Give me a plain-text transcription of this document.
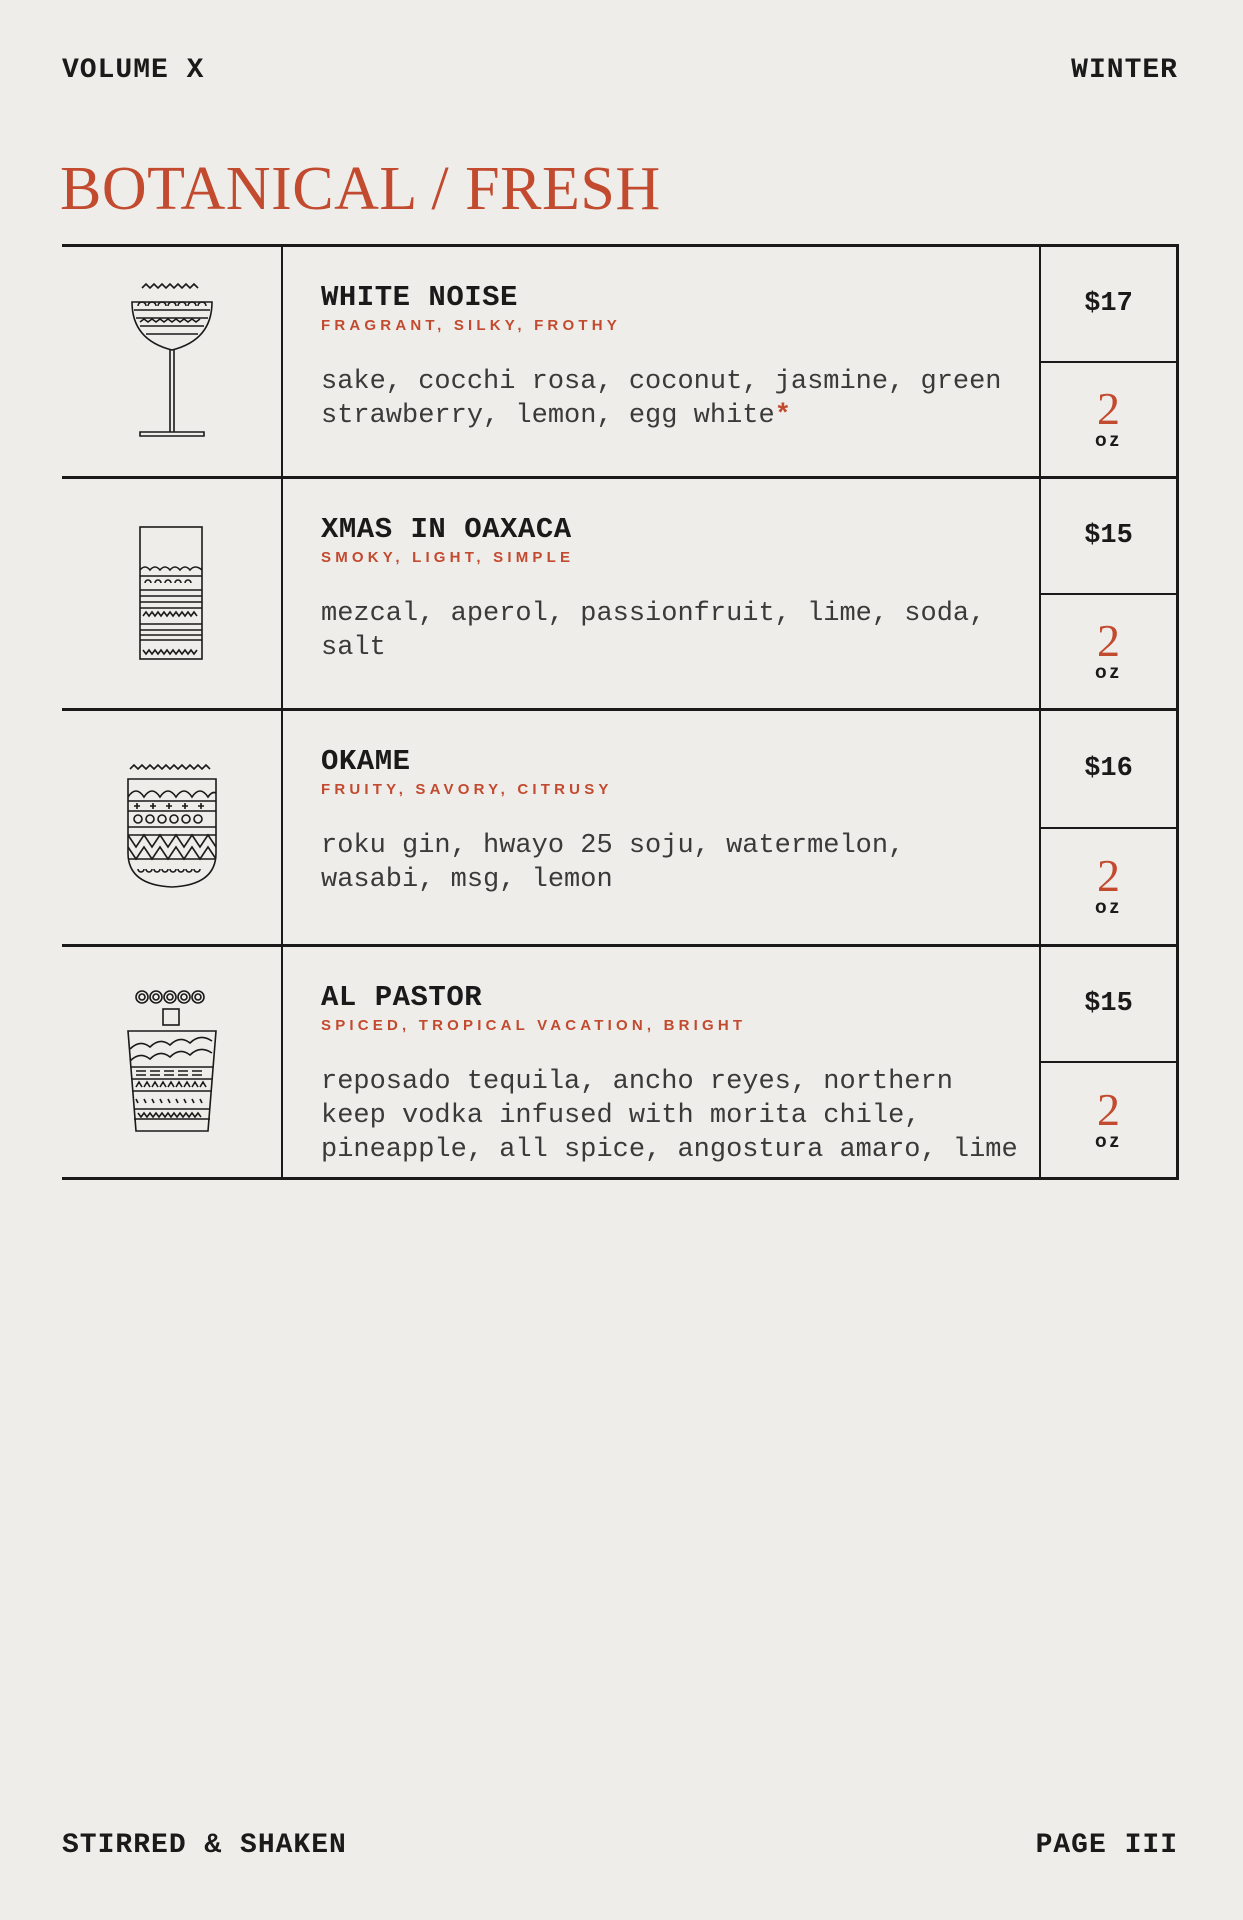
VOLUME X	WINTER
BOTANICAL / FRESH
WHITE NOISE
FRAGRANT, SILKY, FROTHY
sake, cocchi rosa, coconut, jasmine, green strawberry, lemon, egg white*
$17
2
oz
XMAS IN OAXACA
SMOKY, LIGHT, SIMPLE
mezcal, aperol, passionfruit, lime, soda, salt
$15
2
oz
OKAME
FRUITY, SAVORY, CITRUSY
roku gin, hwayo 25 soju, watermelon, wasabi, msg, lemon
$16
2
oz
AL PASTOR
SPICED, TROPICAL VACATION, BRIGHT
reposado tequila, ancho reyes, northern keep vodka infused with morita chile, pineapple, all spice, angostura amaro, lime
$15
2
oz
STIRRED & SHAKEN	PAGE III
